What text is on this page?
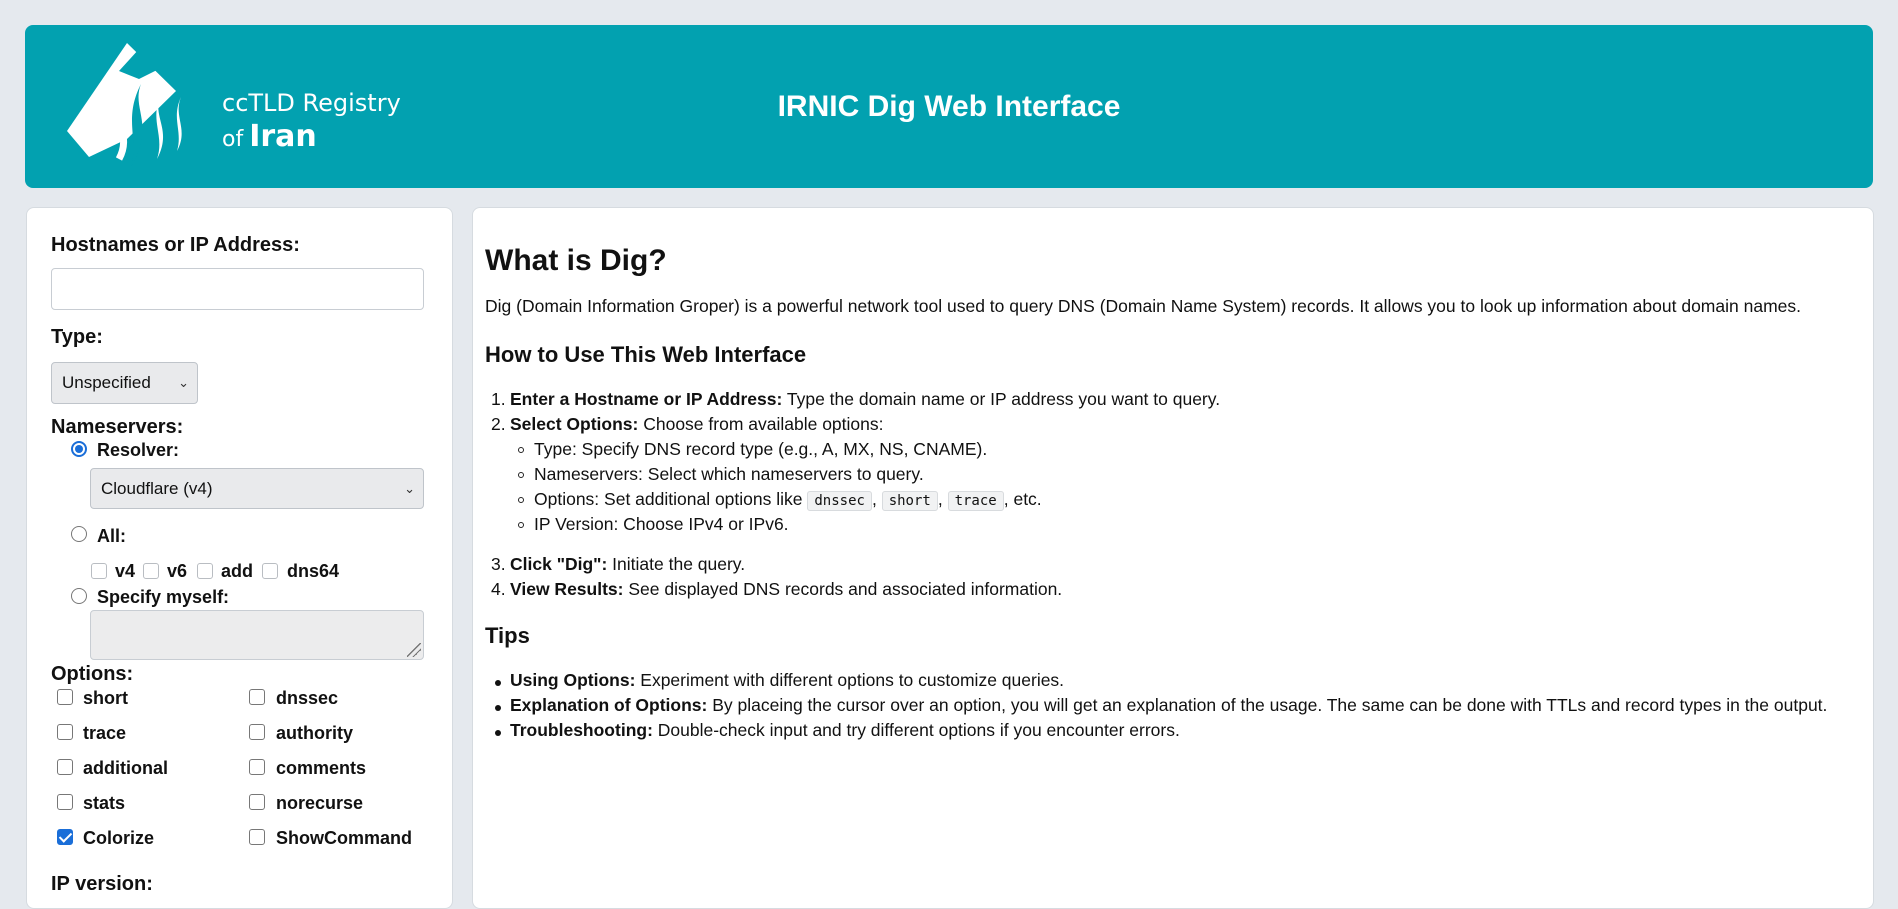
ccTLD Registry
of Iran
IRNIC Dig Web Interface
Hostnames or IP Address:
Type:
Unspecified ⌄
Nameservers:
Resolver:
Cloudflare (v4)	⌄
All:
v4 v6 add dns64
Specify myself:
Options:
short	dnssec
trace	authority
additional	comments
stats	norecurse
Colorize	ShowCommand
IP version:
What is Dig?
Dig (Domain Information Groper) is a powerful network tool used to query DNS (Domain Name System) records. It allows you to look up information about domain names.
How to Use This Web Interface
1. Enter a Hostname or IP Address: Type the domain name or IP address you want to query.
2. Select Options: Choose from available options:
Type: Specify DNS record type (e.g., A, MX, NS, CNAME).
Nameservers: Select which nameservers to query.
Options: Set additional options like dnssec , short , trace , etc.
IP Version: Choose IPv4 or IPv6.
3. Click "Dig": Initiate the query.
4. View Results: See displayed DNS records and associated information.
Tips
Using Options: Experiment with different options to customize queries.
Explanation of Options: By placeing the cursor over an option, you will get an explanation of the usage. The same can be done with TTLs and record types in the output.
Troubleshooting: Double-check input and try different options if you encounter errors.
